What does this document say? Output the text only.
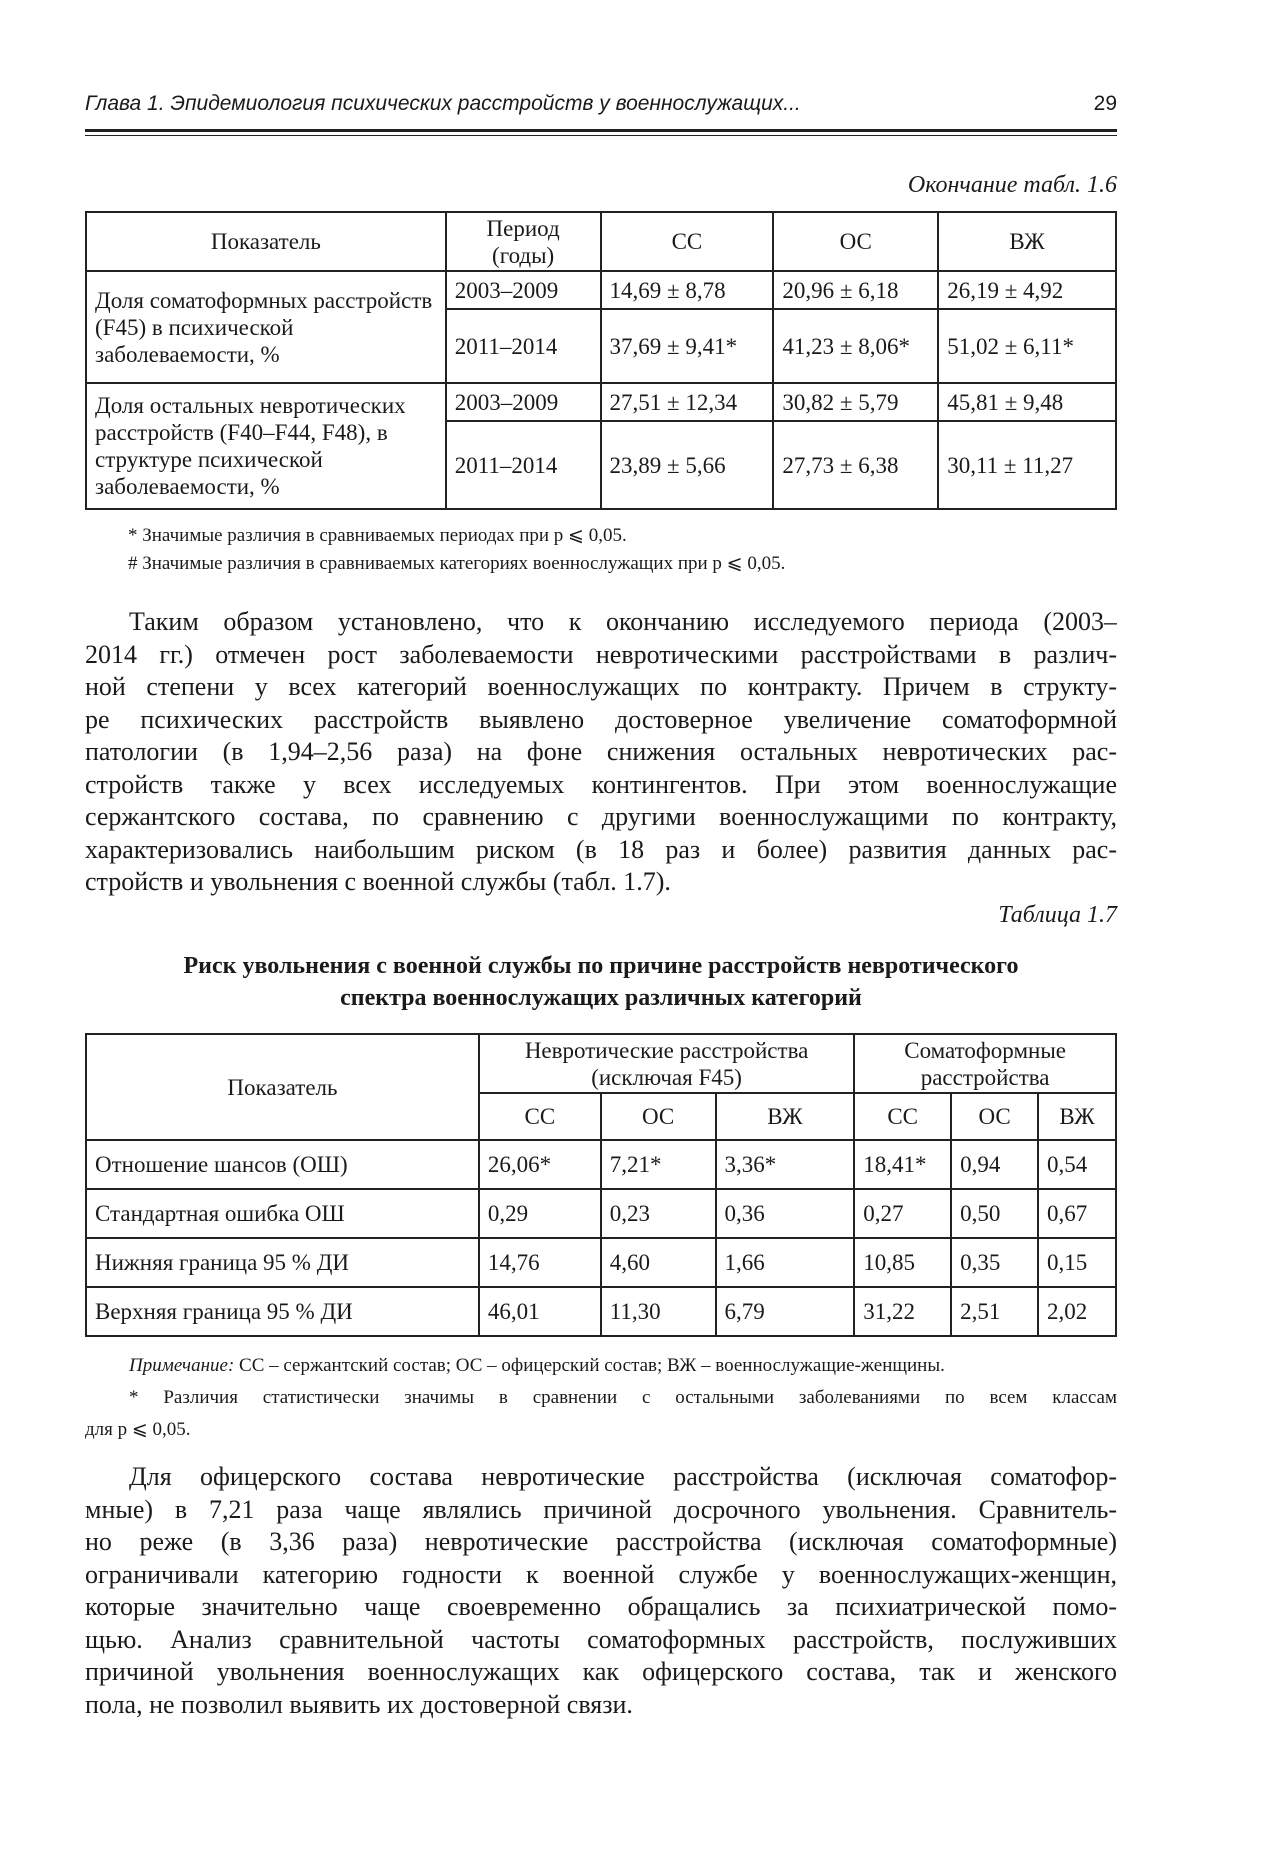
Глава 1. Эпидемиология психических расстройств у военнослужащих...	29
Окончание табл. 1.6
Показатель	Период (годы)	СС	ОС	ВЖ
Доля соматоформных расстройств (F45) в психической заболеваемости, %	2003–2009	14,69 ± 8,78	20,96 ± 6,18	26,19 ± 4,92
	2011–2014	37,69 ± 9,41*	41,23 ± 8,06*	51,02 ± 6,11*
Доля остальных невротических расстройств (F40–F44, F48), в структуре психической заболеваемости, %	2003–2009	27,51 ± 12,34	30,82 ± 5,79	45,81 ± 9,48
	2011–2014	23,89 ± 5,66	27,73 ± 6,38	30,11 ± 11,27
* Значимые различия в сравниваемых периодах при p ⩽ 0,05.
# Значимые различия в сравниваемых категориях военнослужащих при p ⩽ 0,05.
Таким образом установлено, что к окончанию исследуемого периода (2003–
2014 гг.) отмечен рост заболеваемости невротическими расстройствами в различ-
ной степени у всех категорий военнослужащих по контракту. Причем в структу-
ре психических расстройств выявлено достоверное увеличение соматоформной
патологии (в 1,94–2,56 раза) на фоне снижения остальных невротических рас-
стройств также у всех исследуемых контингентов. При этом военнослужащие
сержантского состава, по сравнению с другими военнослужащими по контракту,
характеризовались наибольшим риском (в 18 раз и более) развития данных рас-
стройств и увольнения с военной службы (табл. 1.7).
Таблица 1.7
Риск увольнения с военной службы по причине расстройств невротического
спектра военнослужащих различных категорий
Показатель	Невротические расстройства (исключая F45)			Соматоформные расстройства		
	СС	ОС	ВЖ	СС	ОС	ВЖ
Отношение шансов (ОШ)	26,06*	7,21*	3,36*	18,41*	0,94	0,54
Стандартная ошибка ОШ	0,29	0,23	0,36	0,27	0,50	0,67
Нижняя граница 95 % ДИ	14,76	4,60	1,66	10,85	0,35	0,15
Верхняя граница 95 % ДИ	46,01	11,30	6,79	31,22	2,51	2,02
Примечание: СС – сержантский состав; ОС – офицерский состав; ВЖ – военнослужащие-женщины.
* Различия статистически значимы в сравнении с остальными заболеваниями по всем классам
для p ⩽ 0,05.
Для офицерского состава невротические расстройства (исключая соматофор-
мные) в 7,21 раза чаще являлись причиной досрочного увольнения. Сравнитель-
но реже (в 3,36 раза) невротические расстройства (исключая соматоформные)
ограничивали категорию годности к военной службе у военнослужащих-женщин,
которые значительно чаще своевременно обращались за психиатрической помо-
щью. Анализ сравнительной частоты соматоформных расстройств, послуживших
причиной увольнения военнослужащих как офицерского состава, так и женского
пола, не позволил выявить их достоверной связи.
